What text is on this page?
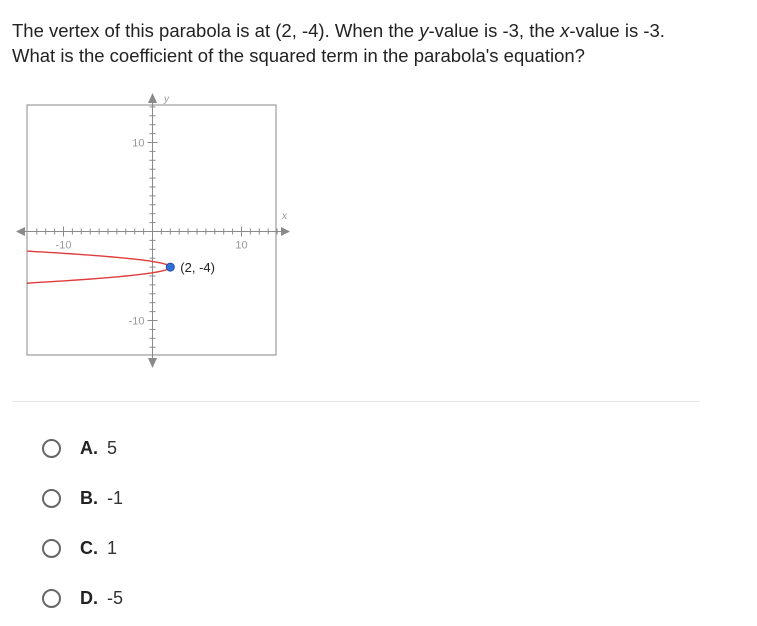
The vertex of this parabola is at (2, -4). When the y-value is -3, the x-value is -3. What is the coefficient of the squared term in the parabola's equation?
-10	10
10
-10
x
y
(2, -4)
A. 5
B. -1
C. 1
D. -5
